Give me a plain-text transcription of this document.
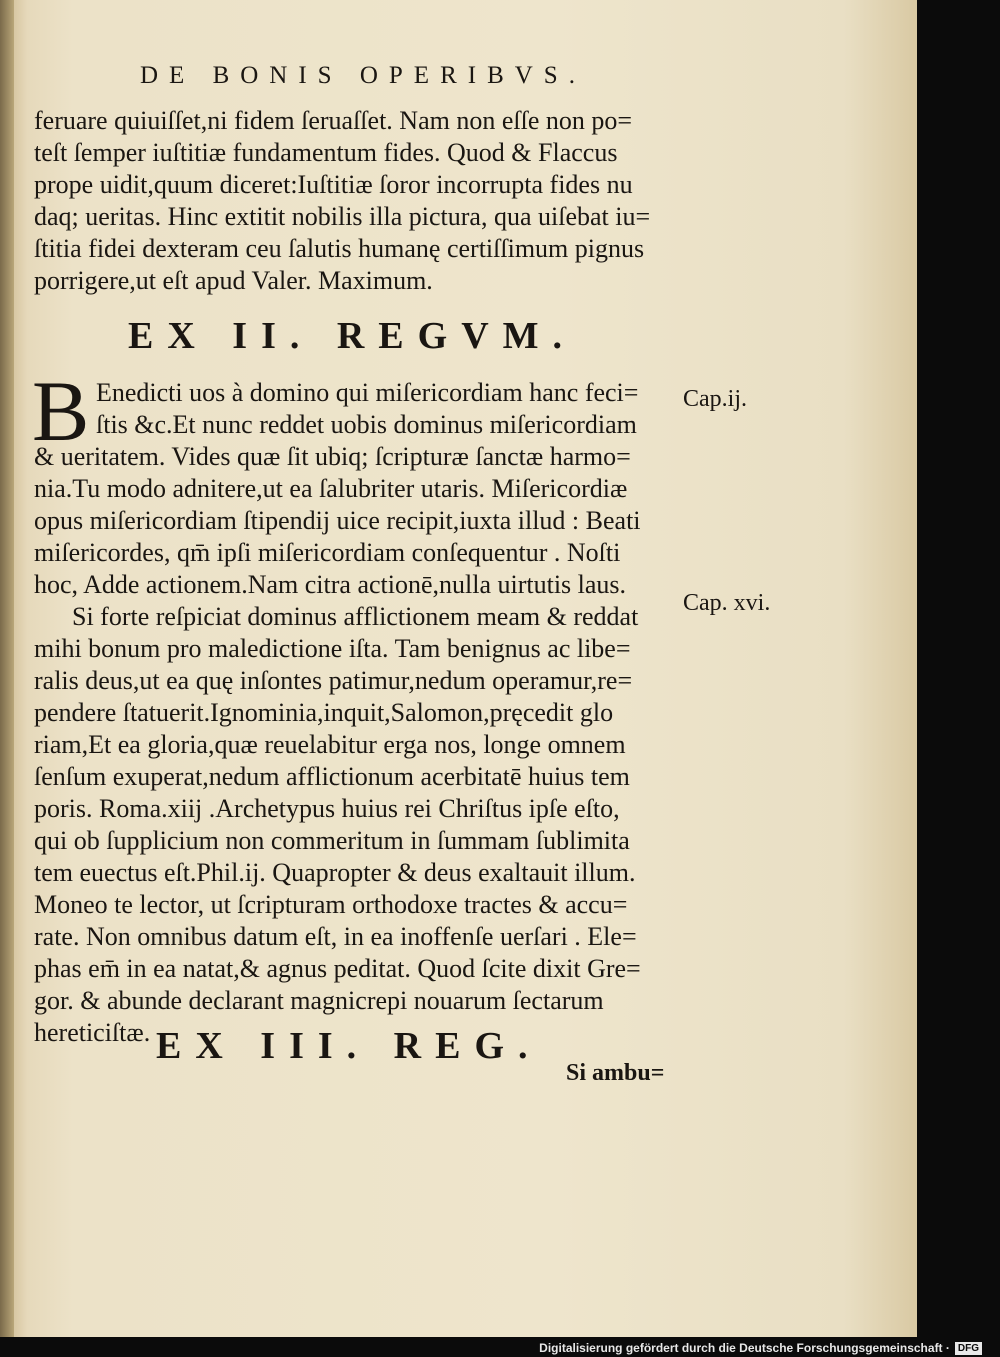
DE BONIS OPERIBVS.
feruare quiuiſſet,ni fidem ſeruaſſet. Nam non eſſe non po=
teſt ſemper iuſtitiæ fundamentum fides. Quod & Flaccus
prope uidit,quum diceret:Iuſtitiæ ſoror incorrupta fides nu
daq; ueritas. Hinc extitit nobilis illa pictura, qua uiſebat iu=
ſtitia fidei dexteram ceu ſalutis humanę certiſſimum pignus
porrigere,ut eſt apud Valer. Maximum.
EX II. REGVM.
B Enedicti uos à domino qui miſericordiam hanc feci=
ſtis &c.Et nunc reddet uobis dominus miſericordiam
& ueritatem. Vides quæ ſit ubiq; ſcripturæ ſanctæ harmo=
nia.Tu modo adnitere,ut ea ſalubriter utaris. Miſericordiæ
opus miſericordiam ſtipendij uice recipit,iuxta illud : Beati
miſericordes, qm̄ ipſi miſericordiam conſequentur . Noſti
hoc, Adde actionem.Nam citra actionē,nulla uirtutis laus.
Si forte reſpiciat dominus afflictionem meam & reddat
mihi bonum pro maledictione iſta. Tam benignus ac libe=
ralis deus,ut ea quę inſontes patimur,nedum operamur,re=
pendere ſtatuerit.Ignominia,inquit,Salomon,pręcedit glo
riam,Et ea gloria,quæ reuelabitur erga nos, longe omnem
ſenſum exuperat,nedum afflictionum acerbitatē huius tem
poris. Roma.xiij .Archetypus huius rei Chriſtus ipſe eſto,
qui ob ſupplicium non commeritum in ſummam ſublimita
tem euectus eſt.Phil.ij. Quapropter & deus exaltauit illum.
Moneo te lector, ut ſcripturam orthodoxe tractes & accu=
rate. Non omnibus datum eſt, in ea inoffenſe uerſari . Ele=
phas em̄ in ea natat,& agnus peditat. Quod ſcite dixit Gre=
gor. & abunde declarant magnicrepi nouarum ſectarum
hereticiſtæ.
Cap.ij.
Cap. xvi.
EX III. REG.
Si ambu=
Digitalisierung gefördert durch die Deutsche Forschungsgemeinschaft · DFG
